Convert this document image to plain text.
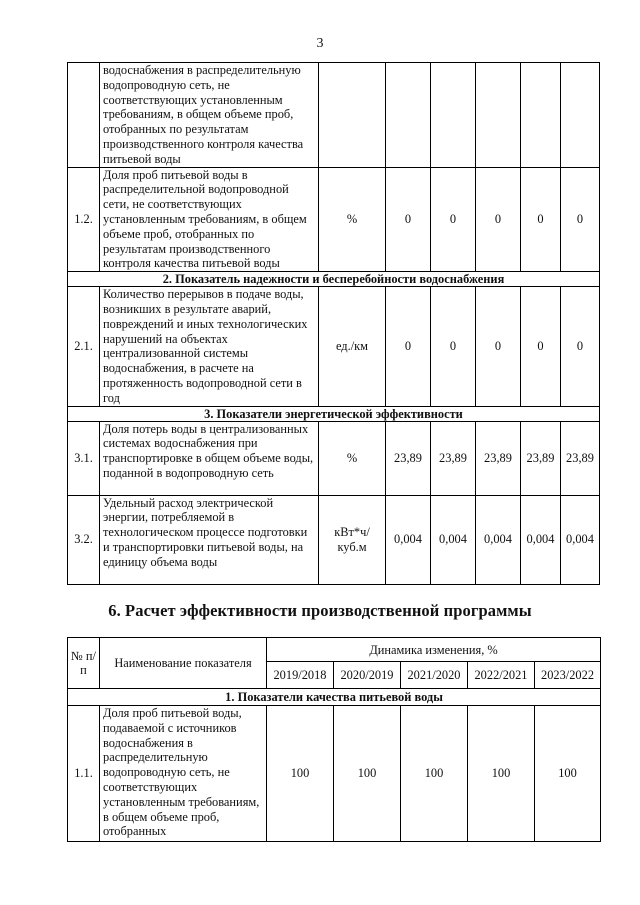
3
	водоснабжения в распределительную водопроводную сеть, не соответствующих установленным требованиям, в общем объеме проб, отобранных по результатам производственного контроля качества питьевой воды						
1.2.	Доля проб питьевой воды в распределительной водопроводной сети, не соответствующих установленным требованиям, в общем объеме проб, отобранных по результатам производственного контроля качества питьевой воды	%	0	0	0	0	0
2. Показатель надежности и бесперебойности водоснабжения							
2.1.	Количество перерывов в подаче воды, возникших в результате аварий, повреждений и иных технологических нарушений на объектах централизованной системы водоснабжения, в расчете на протяженность водопроводной сети в год	ед./км	0	0	0	0	0
3. Показатели энергетической эффективности							
3.1.	Доля потерь воды в централизованных системах водоснабжения при транспортировке в общем объеме воды, поданной в водопроводную сеть	%	23,89	23,89	23,89	23,89	23,89
3.2.	Удельный расход электрической энергии, потребляемой в технологическом процессе подготовки и транспортировки питьевой воды, на единицу объема воды	кВт*ч/ куб.м	0,004	0,004	0,004	0,004	0,004
6. Расчет эффективности производственной программы
№ п/п	Наименование показателя	Динамика изменения, %				
		2019/2018	2020/2019	2021/2020	2022/2021	2023/2022
1. Показатели качества питьевой воды						
1.1.	Доля проб питьевой воды, подаваемой с источников водоснабжения в распределительную водопроводную сеть, не соответствующих установленным требованиям, в общем объеме проб, отобранных	100	100	100	100	100
